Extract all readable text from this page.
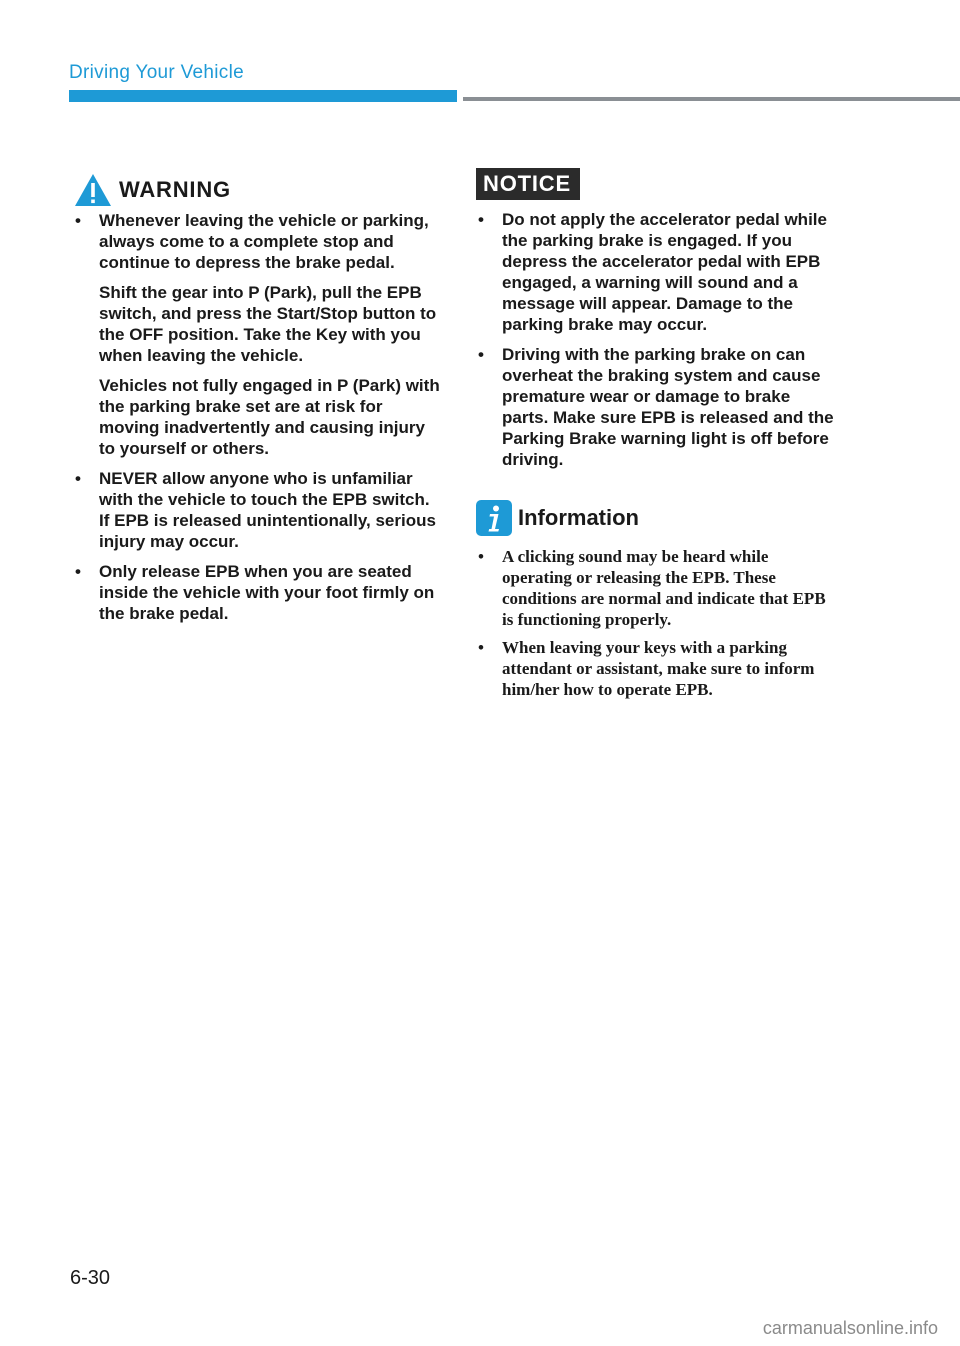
Driving Your Vehicle
WARNING

• Whenever leaving the vehicle or parking, always come to a complete stop and continue to depress the brake pedal.

Shift the gear into P (Park), pull the EPB switch, and press the Start/Stop button to the OFF position. Take the Key with you when leaving the vehicle.

Vehicles not fully engaged in P (Park) with the parking brake set are at risk for moving inadvertently and causing injury to yourself or others.

• NEVER allow anyone who is unfamiliar with the vehicle to touch the EPB switch. If EPB is released unintentionally, serious injury may occur.

• Only release EPB when you are seated inside the vehicle with your foot firmly on the brake pedal.

NOTICE
• Do not apply the accelerator pedal while the parking brake is engaged. If you depress the accelerator pedal with EPB engaged, a warning will sound and a message will appear. Damage to the parking brake may occur.
• Driving with the parking brake on can overheat the braking system and cause premature wear or damage to brake parts. Make sure EPB is released and the Parking Brake warning light is off before driving.
Information
• A clicking sound may be heard while operating or releasing the EPB. These conditions are normal and indicate that EPB is functioning properly.
• When leaving your keys with a parking attendant or assistant, make sure to inform him/her how to operate EPB.
6-30
carmanualsonline.info
